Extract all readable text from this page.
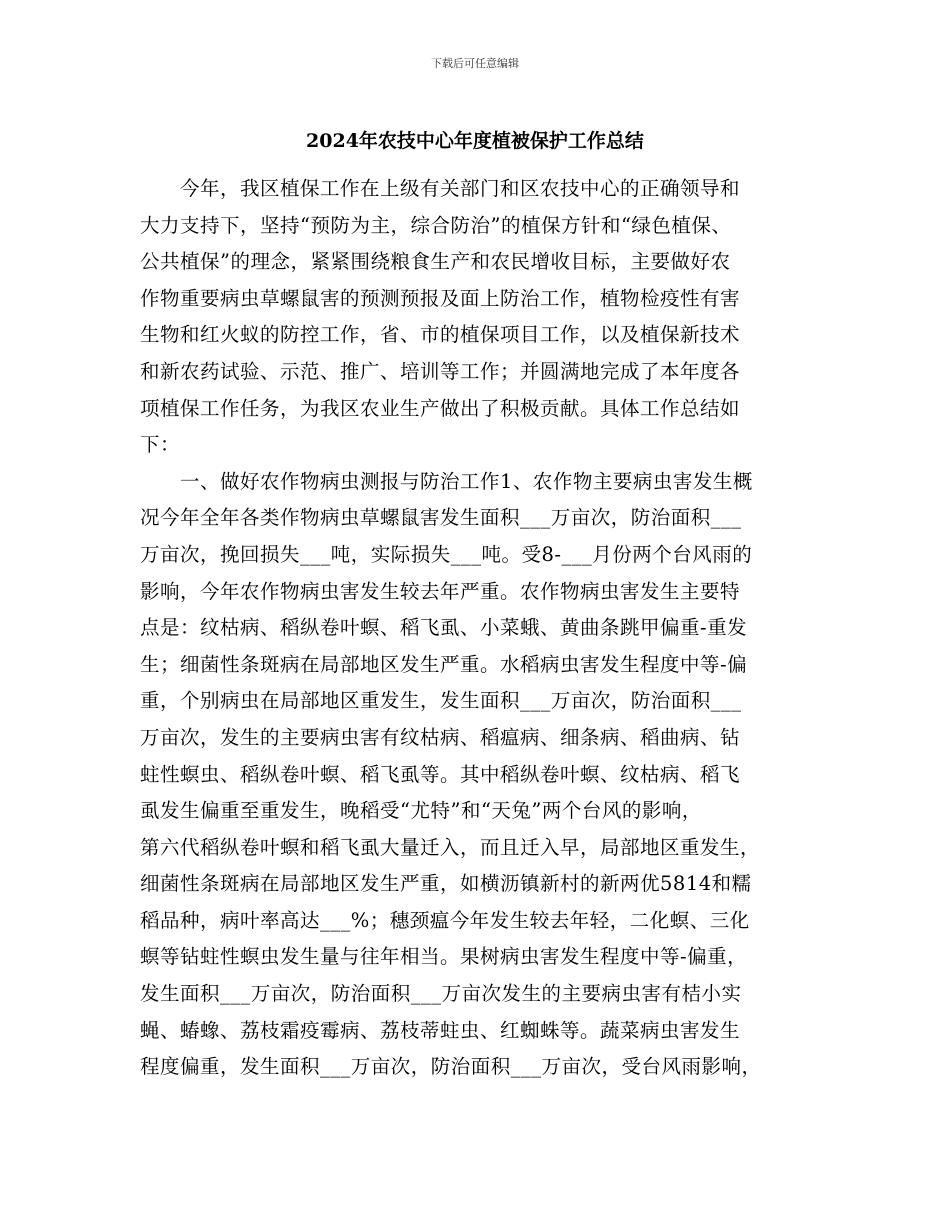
下载后可任意编辑
2024年农技中心年度植被保护工作总结
　　今年，我区植保工作在上级有关部门和区农技中心的正确领导和
大力支持下，坚持“预防为主，综合防治”的植保方针和“绿色植保、
公共植保”的理念，紧紧围绕粮食生产和农民增收目标，主要做好农
作物重要病虫草螺鼠害的预测预报及面上防治工作，植物检疫性有害
生物和红火蚁的防控工作，省、市的植保项目工作，以及植保新技术
和新农药试验、示范、推广、培训等工作；并圆满地完成了本年度各
项植保工作任务，为我区农业生产做出了积极贡献。具体工作总结如
下：
　　一、做好农作物病虫测报与防治工作1、农作物主要病虫害发生概
况今年全年各类作物病虫草螺鼠害发生面积___万亩次，防治面积___
万亩次，挽回损失___吨，实际损失___吨。受8-___月份两个台风雨的
影响，今年农作物病虫害发生较去年严重。农作物病虫害发生主要特
点是：纹枯病、稻纵卷叶螟、稻飞虱、小菜蛾、黄曲条跳甲偏重-重发
生；细菌性条斑病在局部地区发生严重。水稻病虫害发生程度中等-偏
重，个别病虫在局部地区重发生，发生面积___万亩次，防治面积___
万亩次，发生的主要病虫害有纹枯病、稻瘟病、细条病、稻曲病、钻
蛀性螟虫、稻纵卷叶螟、稻飞虱等。其中稻纵卷叶螟、纹枯病、稻飞
虱发生偏重至重发生，晚稻受“尤特”和“天兔”两个台风的影响，
第六代稻纵卷叶螟和稻飞虱大量迁入，而且迁入早，局部地区重发生，
细菌性条斑病在局部地区发生严重，如横沥镇新村的新两优5814和糯
稻品种，病叶率高达___%；穗颈瘟今年发生较去年轻，二化螟、三化
螟等钻蛀性螟虫发生量与往年相当。果树病虫害发生程度中等-偏重，
发生面积___万亩次，防治面积___万亩次发生的主要病虫害有桔小实
蝇、蝽蟓、荔枝霜疫霉病、荔枝蒂蛀虫、红蜘蛛等。蔬菜病虫害发生
程度偏重，发生面积___万亩次，防治面积___万亩次，受台风雨影响，
